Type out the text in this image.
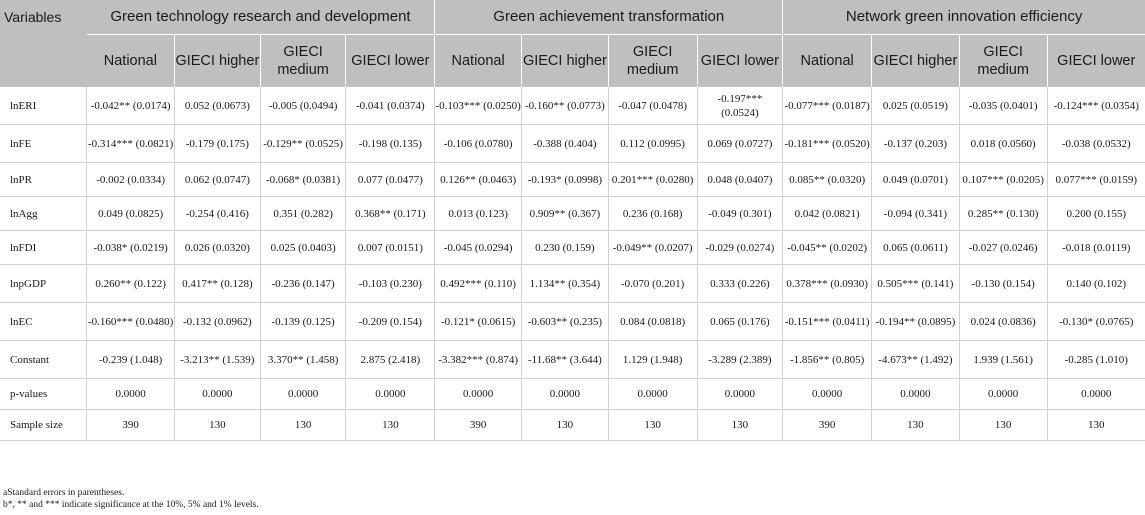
Variables	Green technology research and development				Green achievement transformation				Network green innovation efficiency			
	National	GIECI higher	GIECI medium	GIECI lower	National	GIECI higher	GIECI medium	GIECI lower	National	GIECI higher	GIECI medium	GIECI lower
lnERI	-0.042** (0.0174)	0.052 (0.0673)	-0.005 (0.0494)	-0.041 (0.0374)	-0.103*** (0.0250)	-0.160** (0.0773)	-0.047 (0.0478)	-0.197*** (0.0524)	-0.077*** (0.0187)	0.025 (0.0519)	-0.035 (0.0401)	-0.124*** (0.0354)
lnFE	-0.314*** (0.0821)	-0.179 (0.175)	-0.129** (0.0525)	-0.198 (0.135)	-0.106 (0.0780)	-0.388 (0.404)	0.112 (0.0995)	0.069 (0.0727)	-0.181*** (0.0520)	-0.137 (0.203)	0.018 (0.0560)	-0.038 (0.0532)
lnPR	-0.002 (0.0334)	0.062 (0.0747)	-0.068* (0.0381)	0.077 (0.0477)	0.126** (0.0463)	-0.193* (0.0998)	0.201*** (0.0280)	0.048 (0.0407)	0.085** (0.0320)	0.049 (0.0701)	0.107*** (0.0205)	0.077*** (0.0159)
lnAgg	0.049 (0.0825)	-0.254 (0.416)	0.351 (0.282)	0.368** (0.171)	0.013 (0.123)	0.909** (0.367)	0.236 (0.168)	-0.049 (0.301)	0.042 (0.0821)	-0.094 (0.341)	0.285** (0.130)	0.200 (0.155)
lnFDI	-0.038* (0.0219)	0.026 (0.0320)	0.025 (0.0403)	0.007 (0.0151)	-0.045 (0.0294)	0.230 (0.159)	-0.049** (0.0207)	-0.029 (0.0274)	-0.045** (0.0202)	0.065 (0.0611)	-0.027 (0.0246)	-0.018 (0.0119)
lnpGDP	0.260** (0.122)	0.417** (0.128)	-0.236 (0.147)	-0.103 (0.230)	0.492*** (0.110)	1.134** (0.354)	-0.070 (0.201)	0.333 (0.226)	0.378*** (0.0930)	0.505*** (0.141)	-0.130 (0.154)	0.140 (0.102)
lnEC	-0.160*** (0.0480)	-0.132 (0.0962)	-0.139 (0.125)	-0.209 (0.154)	-0.121* (0.0615)	-0.603** (0.235)	0.084 (0.0818)	0.065 (0.176)	-0.151*** (0.0411)	-0.194** (0.0895)	0.024 (0.0836)	-0.130* (0.0765)
Constant	-0.239 (1.048)	-3.213** (1.539)	3.370** (1.458)	2.875 (2.418)	-3.382*** (0.874)	-11.68** (3.644)	1.129 (1.948)	-3.289 (2.389)	-1.856** (0.805)	-4.673** (1.492)	1.939 (1.561)	-0.285 (1.010)
p-values	0.0000	0.0000	0.0000	0.0000	0.0000	0.0000	0.0000	0.0000	0.0000	0.0000	0.0000	0.0000
Sample size	390	130	130	130	390	130	130	130	390	130	130	130
aStandard errors in parentheses.
b*, ** and *** indicate significance at the 10%, 5% and 1% levels.
